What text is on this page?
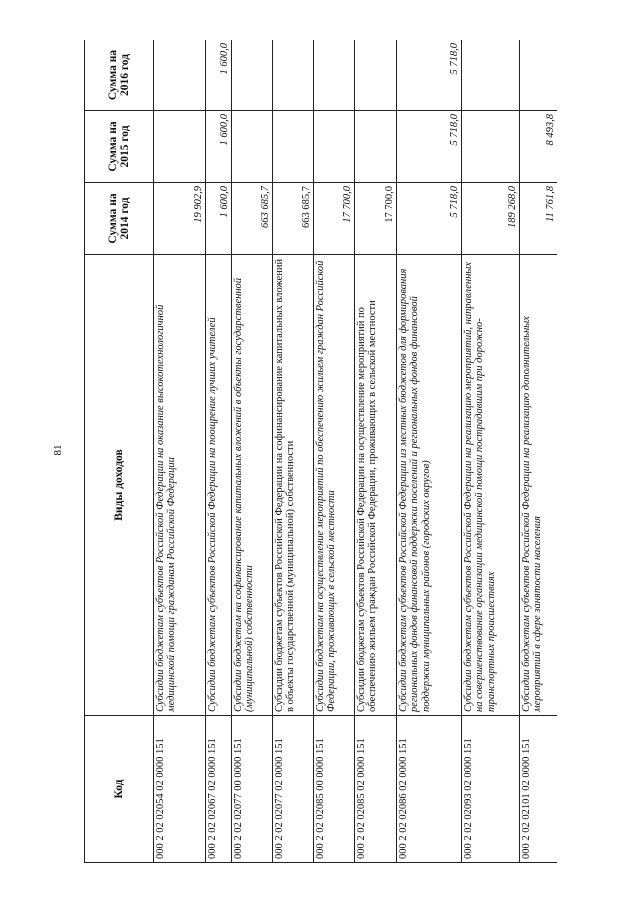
81
Код	Виды доходов	Сумма на 2014 год	Сумма на 2015 год	Сумма на 2016 год
000 2 02 02054 02 0000 151	Субсидии бюджетам субъектов Российской Федерации на оказание высокотехнологичной медицинской помощи гражданам Российской Федерации	19 902,9		
000 2 02 02067 02 0000 151	Субсидии бюджетам субъектов Российской Федерации на поощрение лучших учителей	1 600,0	1 600,0	1 600,0
000 2 02 02077 00 0000 151	Субсидии бюджетам на софинансирование капитальных вложений в объекты государственной (муниципальной) собственности	663 685,7		
000 2 02 02077 02 0000 151	Субсидии бюджетам субъектов Российской Федерации на софинансирование капитальных вложений в объекты государственной (муниципальной) собственности	663 685,7		
000 2 02 02085 00 0000 151	Субсидии бюджетам на осуществление мероприятий по обеспечению жильем граждан Российской Федерации, проживающих в сельской местности	17 700,0		
000 2 02 02085 02 0000 151	Субсидии бюджетам субъектов Российской Федерации на осуществление мероприятий по обеспечению жильем граждан Российской Федерации, проживающих в сельской местности	17 700,0		
000 2 02 02086 02 0000 151	Субсидии бюджетам субъектов Российской Федерации из местных бюджетов для формирования региональных фондов финансовой поддержки поселений и региональных фондов финансовой поддержки муниципальных районов (городских округов)	5 718,0	5 718,0	5 718,0
000 2 02 02093 02 0000 151	Субсидии бюджетам субъектов Российской Федерации на реализацию мероприятий, направленных на совершенствование организации медицинской помощи пострадавшим при дорожно-транспортных происшествиях	189 268,0		
000 2 02 02101 02 0000 151	Субсидии бюджетам субъектов Российской Федерации на реализацию дополнительных мероприятий в сфере занятости населения	11 761,8	8 493,8	
